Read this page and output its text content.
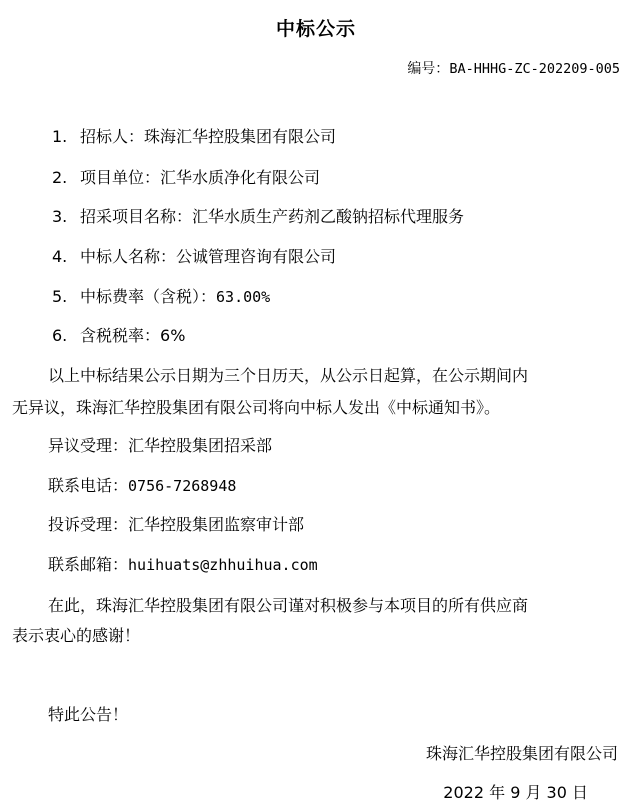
中标公示
编号：BA-HHHG-ZC-202209-005
1. 招标人：珠海汇华控股集团有限公司
2. 项目单位：汇华水质净化有限公司
3. 招采项目名称：汇华水质生产药剂乙酸钠招标代理服务
4. 中标人名称：公诚管理咨询有限公司
5. 中标费率（含税）：63.00%
6. 含税税率：6%
以上中标结果公示日期为三个日历天，从公示日起算，在公示期间内
无异议，珠海汇华控股集团有限公司将向中标人发出《中标通知书》。
异议受理：汇华控股集团招采部
联系电话：0756-7268948
投诉受理：汇华控股集团监察审计部
联系邮箱：huihuats@zhhuihua.com
在此，珠海汇华控股集团有限公司谨对积极参与本项目的所有供应商
表示衷心的感谢！
特此公告！
珠海汇华控股集团有限公司
2022 年 9 月 30 日
